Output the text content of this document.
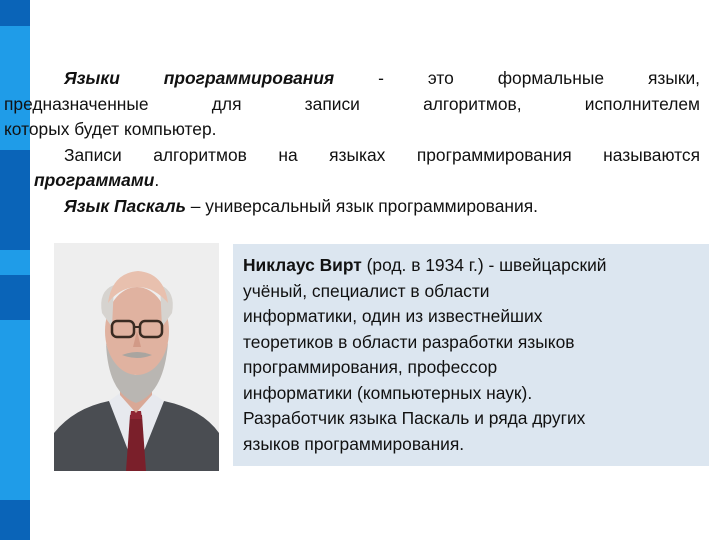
Языки программирования - это формальные языки,
предназначенные для записи алгоритмов, исполнителем
которых будет компьютер.

Записи алгоритмов на языках программирования называются
программами.

Язык Паскаль – универсальный язык программирования.

Никлаус Вирт (род. в 1934 г.) - швейцарский
учёный, специалист в области
информатики, один из известнейших
теоретиков в области разработки языков
программирования, профессор
информатики (компьютерных наук).
Разработчик языка Паскаль и ряда других
языков программирования.
